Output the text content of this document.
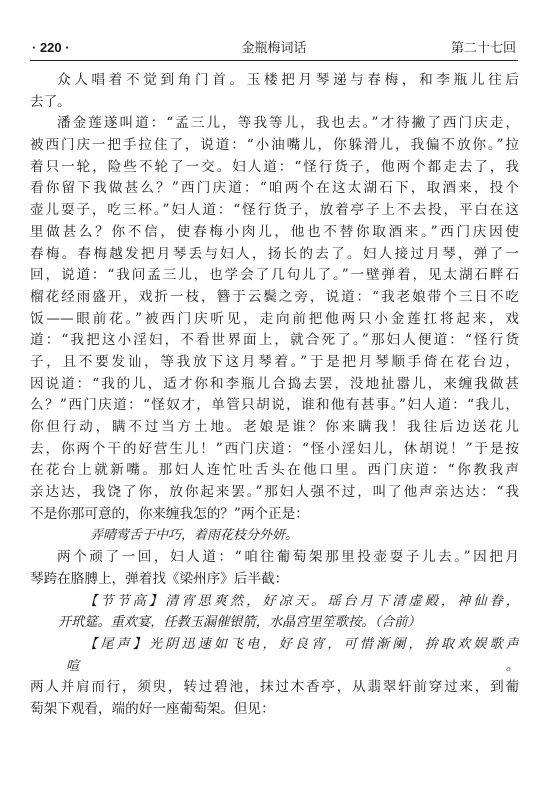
· 220 ·	金瓶梅词话	第二十七回
众人唱着不觉到角门首。玉楼把月琴递与春梅，和李瓶儿往后
去了。
潘金莲遂叫道：“孟三儿，等我等儿，我也去。”才待撇了西门庆走，
被西门庆一把手拉住了，说道：“小油嘴儿，你躲滑儿，我偏不放你。”拉
着只一轮，险些不轮了一交。妇人道：“怪行货子，他两个都走去了，我
看你留下我做甚么？”西门庆道：“咱两个在这太湖石下，取酒来，投个
壶儿耍子，吃三杯。”妇人道：“怪行货子，放着亭子上不去投，平白在这
里做甚么？你不信，使春梅小肉儿，他也不替你取酒来。”西门庆因使
春梅。春梅越发把月琴丢与妇人，扬长的去了。妇人接过月琴，弹了一
回，说道：“我问孟三儿，也学会了几句儿了。”一壁弹着，见太湖石畔石
榴花经雨盛开，戏折一枝，簪于云鬓之旁，说道：“我老娘带个三日不吃
饭——眼前花。”被西门庆听见，走向前把他两只小金莲扛将起来，戏
道：“我把这小淫妇，不看世界面上，就合死了。”那妇人便道：“怪行货
子，且不要发讪，等我放下这月琴着。”于是把月琴顺手倚在花台边，
因说道：“我的儿，适才你和李瓶儿合捣去罢，没地扯嚣儿，来缠我做甚
么？”西门庆道：“怪奴才，单管只胡说，谁和他有甚事。”妇人道：“我儿，
你但行动，瞒不过当方土地。老娘是谁？你来瞒我！我往后边送花儿
去，你两个干的好营生儿！”西门庆道：“怪小淫妇儿，休胡说！”于是按
在花台上就新嘴。那妇人连忙吐舌头在他口里。西门庆道：“你教我声
亲达达，我饶了你，放你起来罢。”那妇人强不过，叫了他声亲达达：“我
不是你那可意的，你来缠我怎的？”两个正是：
弄晴莺舌于中巧，着雨花枝分外妍。
两个顽了一回，妇人道：“咱往葡萄架那里投壶耍子儿去。”因把月
琴跨在胳膊上，弹着找《梁州序》后半截：
【节节高】清宵思爽然，好凉天。瑶台月下清虚殿，神仙眷，
开玳筵。重欢宴，任教玉漏催银箭，水晶宫里笙歌按。（合前）
【尾声】光阴迅速如飞电，好良宵，可惜渐阑，拚取欢娱歌声
喧。
两人并肩而行，须臾，转过碧池，抹过木香亭，从翡翠轩前穿过来，到葡
萄架下观看，端的好一座葡萄架。但见：
